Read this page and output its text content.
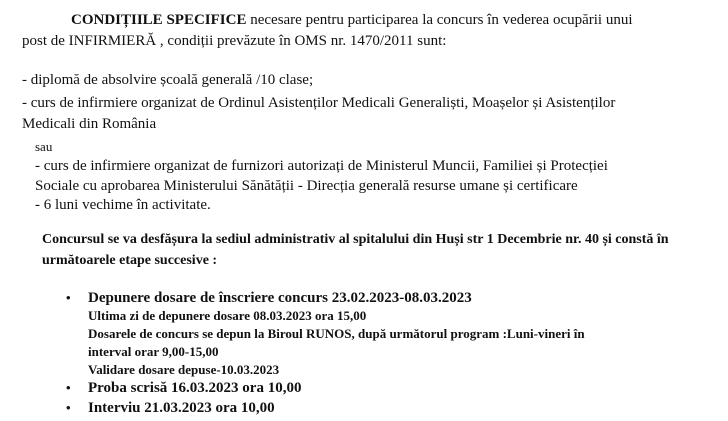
CONDIȚIILE SPECIFICE necesare pentru participarea la concurs în vederea ocupării unui
post de INFIRMIERĂ , condiții prevăzute în OMS nr. 1470/2011 sunt:
- diplomă de absolvire școală generală /10 clase;
- curs de infirmiere organizat de Ordinul Asistenților Medicali Generaliști, Moașelor și Asistenților
Medicali din România
sau
- curs de infirmiere organizat de furnizori autorizați de Ministerul Muncii, Familiei și Protecției
Sociale cu aprobarea Ministerului Sănătății - Direcția generală resurse umane și certificare
- 6 luni vechime în activitate.
Concursul se va desfășura la sediul administrativ al spitalului din Huși str 1 Decembrie nr. 40 și constă în
următoarele etape succesive :
• Depunere dosare de înscriere concurs 23.02.2023-08.03.2023
Ultima zi de depunere dosare 08.03.2023 ora 15,00
Dosarele de concurs se depun la Biroul RUNOS, după următorul program :Luni-vineri în
interval orar 9,00-15,00
Validare dosare depuse-10.03.2023
• Proba scrisă 16.03.2023 ora 10,00
• Interviu 21.03.2023 ora 10,00
